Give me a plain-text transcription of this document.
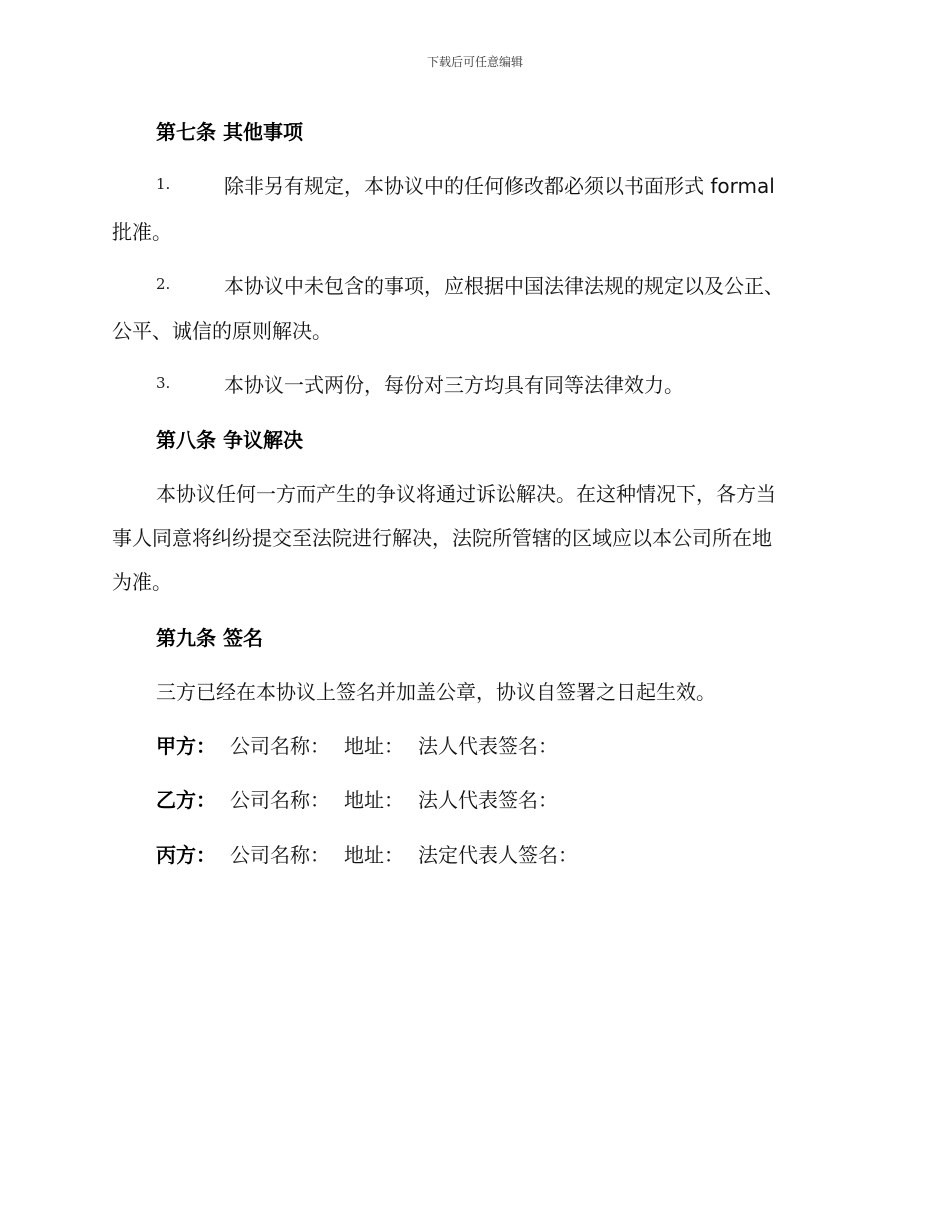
下载后可任意编辑
第七条 其他事项
1.	除非另有规定，本协议中的任何修改都必须以书面形式 formal
批准。
2.	本协议中未包含的事项，应根据中国法律法规的规定以及公正、
公平、诚信的原则解决。
3.	本协议一式两份，每份对三方均具有同等法律效力。
第八条 争议解决
本协议任何一方而产生的争议将通过诉讼解决。在这种情况下，各方当
事人同意将纠纷提交至法院进行解决，法院所管辖的区域应以本公司所在地
为准。
第九条 签名
三方已经在本协议上签名并加盖公章，协议自签署之日起生效。
甲方： 公司名称： 地址： 法人代表签名：
乙方： 公司名称： 地址： 法人代表签名：
丙方： 公司名称： 地址： 法定代表人签名：
